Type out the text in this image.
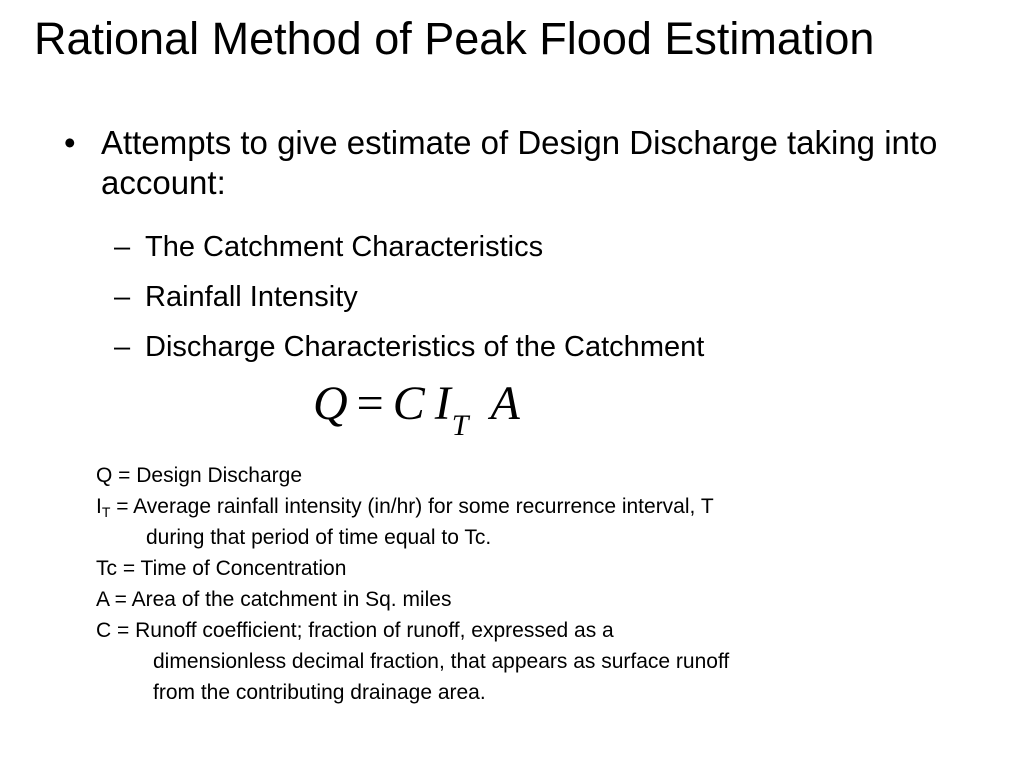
Rational Method of Peak Flood Estimation
• Attempts to give estimate of Design Discharge taking into account:
– The Catchment Characteristics
– Rainfall Intensity
– Discharge Characteristics of the Catchment
Q = C $I_T$ A
Q = Design Discharge
$I_T$ = Average rainfall intensity (in/hr) for some recurrence interval, T
during that period of time equal to Tc.
Tc = Time of Concentration
A = Area of the catchment in Sq. miles
C = Runoff coefficient; fraction of runoff, expressed as a
dimensionless decimal fraction, that appears as surface runoff
from the contributing drainage area.
